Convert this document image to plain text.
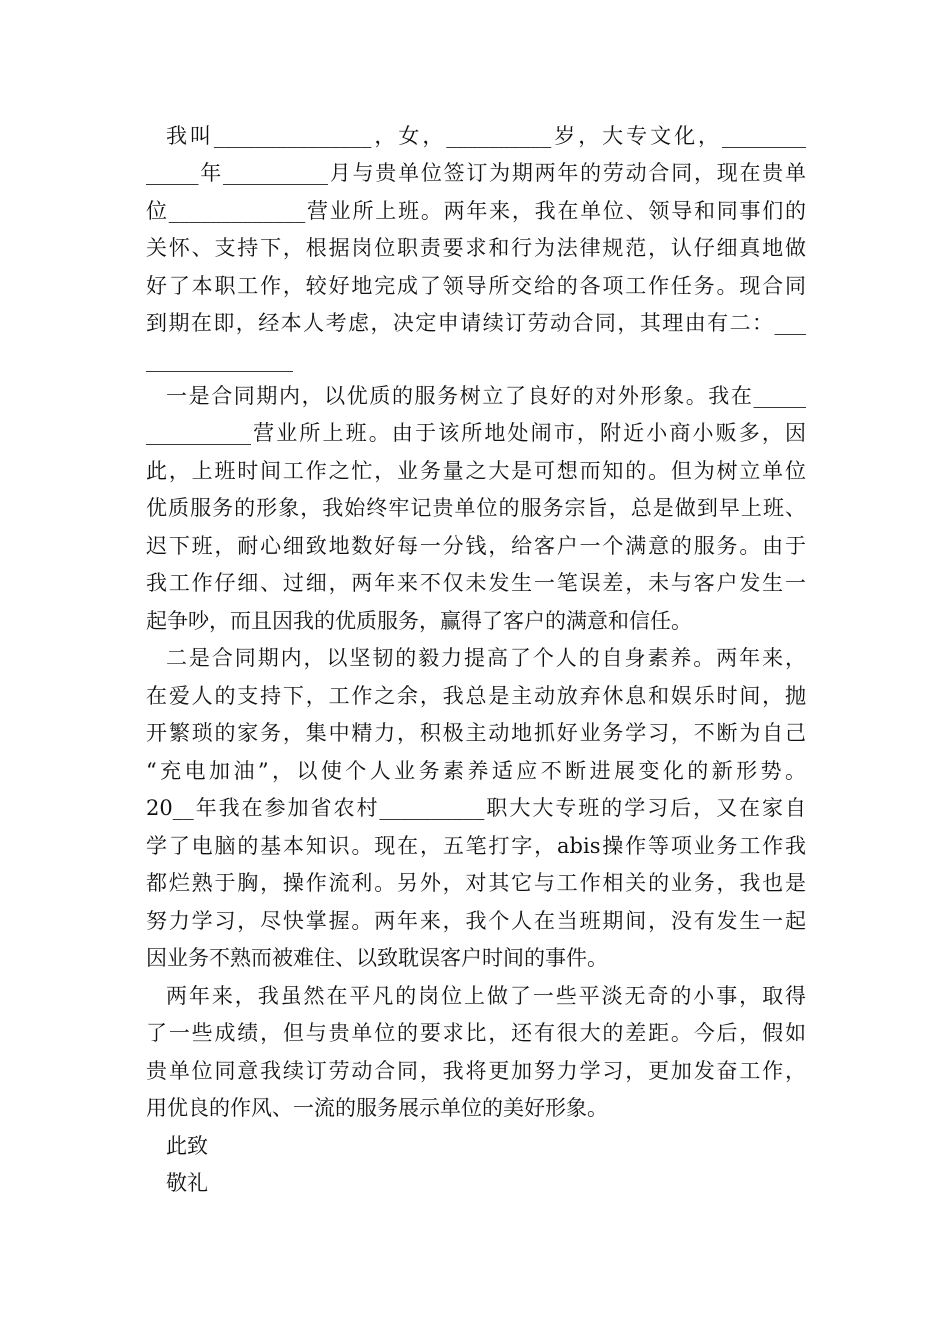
我叫_______________，女，__________岁，大专文化，________
_____年__________月与贵单位签订为期两年的劳动合同，现在贵单
位_____________营业所上班。两年来，我在单位、领导和同事们的
关怀、支持下，根据岗位职责要求和行为法律规范，认仔细真地做
好了本职工作，较好地完成了领导所交给的各项工作任务。现合同
到期在即，经本人考虑，决定申请续订劳动合同，其理由有二：___
______________
一是合同期内，以优质的服务树立了良好的对外形象。我在_____
__________营业所上班。由于该所地处闹市，附近小商小贩多，因
此，上班时间工作之忙，业务量之大是可想而知的。但为树立单位
优质服务的形象，我始终牢记贵单位的服务宗旨，总是做到早上班、
迟下班，耐心细致地数好每一分钱，给客户一个满意的服务。由于
我工作仔细、过细，两年来不仅未发生一笔误差，未与客户发生一
起争吵，而且因我的优质服务，赢得了客户的满意和信任。
二是合同期内，以坚韧的毅力提高了个人的自身素养。两年来，
在爱人的支持下，工作之余，我总是主动放弃休息和娱乐时间，抛
开繁琐的家务，集中精力，积极主动地抓好业务学习，不断为自己
“充电加油”，以使个人业务素养适应不断进展变化的新形势。
20__年我在参加省农村__________职大大专班的学习后，又在家自
学了电脑的基本知识。现在，五笔打字，abis操作等项业务工作我
都烂熟于胸，操作流利。另外，对其它与工作相关的业务，我也是
努力学习，尽快掌握。两年来，我个人在当班期间，没有发生一起
因业务不熟而被难住、以致耽误客户时间的事件。
两年来，我虽然在平凡的岗位上做了一些平淡无奇的小事，取得
了一些成绩，但与贵单位的要求比，还有很大的差距。今后，假如
贵单位同意我续订劳动合同，我将更加努力学习，更加发奋工作，
用优良的作风、一流的服务展示单位的美好形象。
此致
敬礼
